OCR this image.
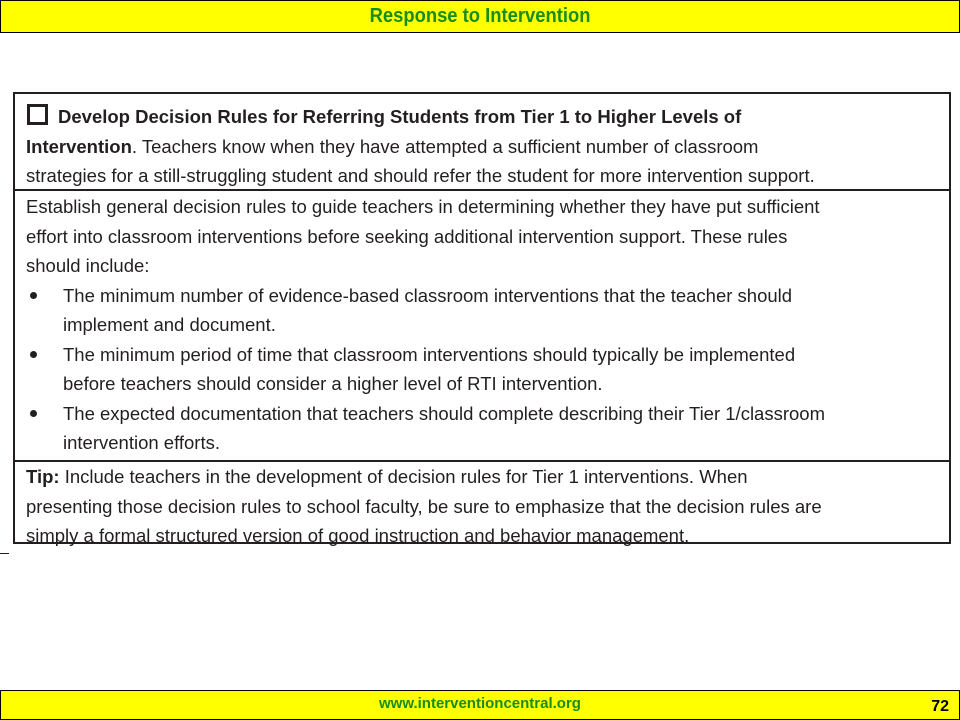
Response to Intervention
Develop Decision Rules for Referring Students from Tier 1 to Higher Levels of
Intervention. Teachers know when they have attempted a sufficient number of classroom
strategies for a still-struggling student and should refer the student for more intervention support.
Establish general decision rules to guide teachers in determining whether they have put sufficient
effort into classroom interventions before seeking additional intervention support. These rules
should include:
The minimum number of evidence-based classroom interventions that the teacher should
implement and document.
The minimum period of time that classroom interventions should typically be implemented
before teachers should consider a higher level of RTI intervention.
The expected documentation that teachers should complete describing their Tier 1/classroom
intervention efforts.
Tip: Include teachers in the development of decision rules for Tier 1 interventions. When
presenting those decision rules to school faculty, be sure to emphasize that the decision rules are
simply a formal structured version of good instruction and behavior management.
www.interventioncentral.org	72
